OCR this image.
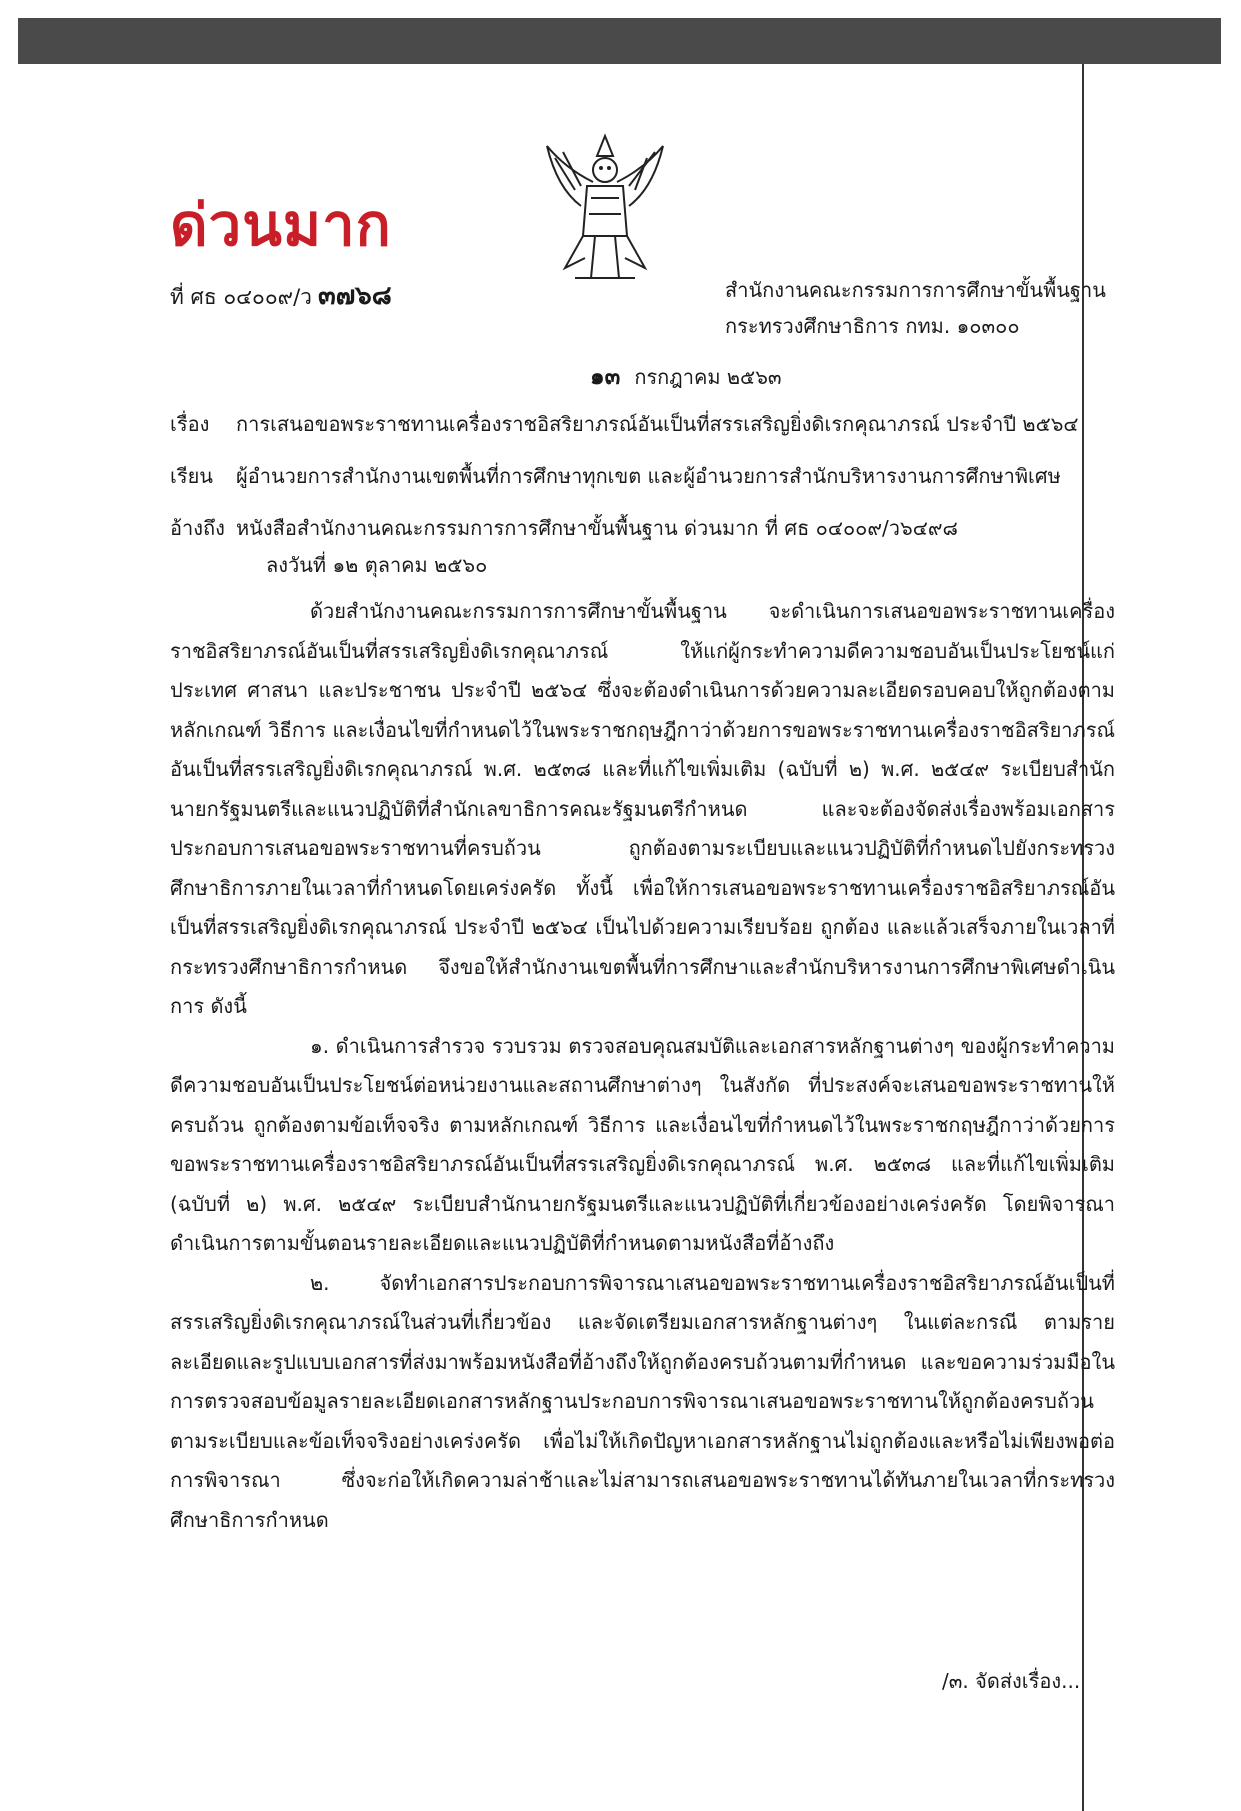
ด่วนมาก
ที่ ศธ ๐๔๐๐๙/ว ๓๗๖๘	สำนักงานคณะกรรมการการศึกษาขั้นพื้นฐาน
กระทรวงศึกษาธิการ กทม. ๑๐๓๐๐
๑๓ กรกฎาคม ๒๕๖๓
เรื่อง การเสนอขอพระราชทานเครื่องราชอิสริยาภรณ์อันเป็นที่สรรเสริญยิ่งดิเรกคุณาภรณ์ ประจำปี ๒๕๖๔
เรียน ผู้อำนวยการสำนักงานเขตพื้นที่การศึกษาทุกเขต และผู้อำนวยการสำนักบริหารงานการศึกษาพิเศษ
อ้างถึง หนังสือสำนักงานคณะกรรมการการศึกษาขั้นพื้นฐาน ด่วนมาก ที่ ศธ ๐๔๐๐๙/ว๖๔๙๘
ลงวันที่ ๑๒ ตุลาคม ๒๕๖๐

ด้วยสำนักงานคณะกรรมการการศึกษาขั้นพื้นฐาน จะดำเนินการเสนอขอพระราชทานเครื่องราชอิสริยาภรณ์อันเป็นที่สรรเสริญยิ่งดิเรกคุณาภรณ์ ให้แก่ผู้กระทำความดีความชอบอันเป็นประโยชน์แก่ประเทศ ศาสนา และประชาชน ประจำปี ๒๕๖๔ ซึ่งจะต้องดำเนินการด้วยความละเอียดรอบคอบให้ถูกต้องตามหลักเกณฑ์ วิธีการ และเงื่อนไขที่กำหนดไว้ในพระราชกฤษฎีกาว่าด้วยการขอพระราชทานเครื่องราชอิสริยาภรณ์อันเป็นที่สรรเสริญยิ่งดิเรกคุณาภรณ์ พ.ศ. ๒๕๓๘ และที่แก้ไขเพิ่มเติม (ฉบับที่ ๒) พ.ศ. ๒๕๔๙ ระเบียบสำนักนายกรัฐมนตรีและแนวปฏิบัติที่สำนักเลขาธิการคณะรัฐมนตรีกำหนด และจะต้องจัดส่งเรื่องพร้อมเอกสารประกอบการเสนอขอพระราชทานที่ครบถ้วน ถูกต้องตามระเบียบและแนวปฏิบัติที่กำหนดไปยังกระทรวงศึกษาธิการภายในเวลาที่กำหนดโดยเคร่งครัด ทั้งนี้ เพื่อให้การเสนอขอพระราชทานเครื่องราชอิสริยาภรณ์อันเป็นที่สรรเสริญยิ่งดิเรกคุณาภรณ์ ประจำปี ๒๕๖๔ เป็นไปด้วยความเรียบร้อย ถูกต้อง และแล้วเสร็จภายในเวลาที่กระทรวงศึกษาธิการกำหนด จึงขอให้สำนักงานเขตพื้นที่การศึกษาและสำนักบริหารงานการศึกษาพิเศษดำเนินการ ดังนี้

๑. ดำเนินการสำรวจ รวบรวม ตรวจสอบคุณสมบัติและเอกสารหลักฐานต่างๆ ของผู้กระทำความดีความชอบอันเป็นประโยชน์ต่อหน่วยงานและสถานศึกษาต่างๆ ในสังกัด ที่ประสงค์จะเสนอขอพระราชทานให้ครบถ้วน ถูกต้องตามข้อเท็จจริง ตามหลักเกณฑ์ วิธีการ และเงื่อนไขที่กำหนดไว้ในพระราชกฤษฎีกาว่าด้วยการขอพระราชทานเครื่องราชอิสริยาภรณ์อันเป็นที่สรรเสริญยิ่งดิเรกคุณาภรณ์ พ.ศ. ๒๕๓๘ และที่แก้ไขเพิ่มเติม (ฉบับที่ ๒) พ.ศ. ๒๕๔๙ ระเบียบสำนักนายกรัฐมนตรีและแนวปฏิบัติที่เกี่ยวข้องอย่างเคร่งครัด โดยพิจารณาดำเนินการตามขั้นตอนรายละเอียดและแนวปฏิบัติที่กำหนดตามหนังสือที่อ้างถึง

๒. จัดทำเอกสารประกอบการพิจารณาเสนอขอพระราชทานเครื่องราชอิสริยาภรณ์อันเป็นที่สรรเสริญยิ่งดิเรกคุณาภรณ์ในส่วนที่เกี่ยวข้อง และจัดเตรียมเอกสารหลักฐานต่างๆ ในแต่ละกรณี ตามรายละเอียดและรูปแบบเอกสารที่ส่งมาพร้อมหนังสือที่อ้างถึงให้ถูกต้องครบถ้วนตามที่กำหนด และขอความร่วมมือในการตรวจสอบข้อมูลรายละเอียดเอกสารหลักฐานประกอบการพิจารณาเสนอขอพระราชทานให้ถูกต้องครบถ้วนตามระเบียบและข้อเท็จจริงอย่างเคร่งครัด เพื่อไม่ให้เกิดปัญหาเอกสารหลักฐานไม่ถูกต้องและหรือไม่เพียงพอต่อการพิจารณา ซึ่งจะก่อให้เกิดความล่าช้าและไม่สามารถเสนอขอพระราชทานได้ทันภายในเวลาที่กระทรวงศึกษาธิการกำหนด

/๓. จัดส่งเรื่อง...
